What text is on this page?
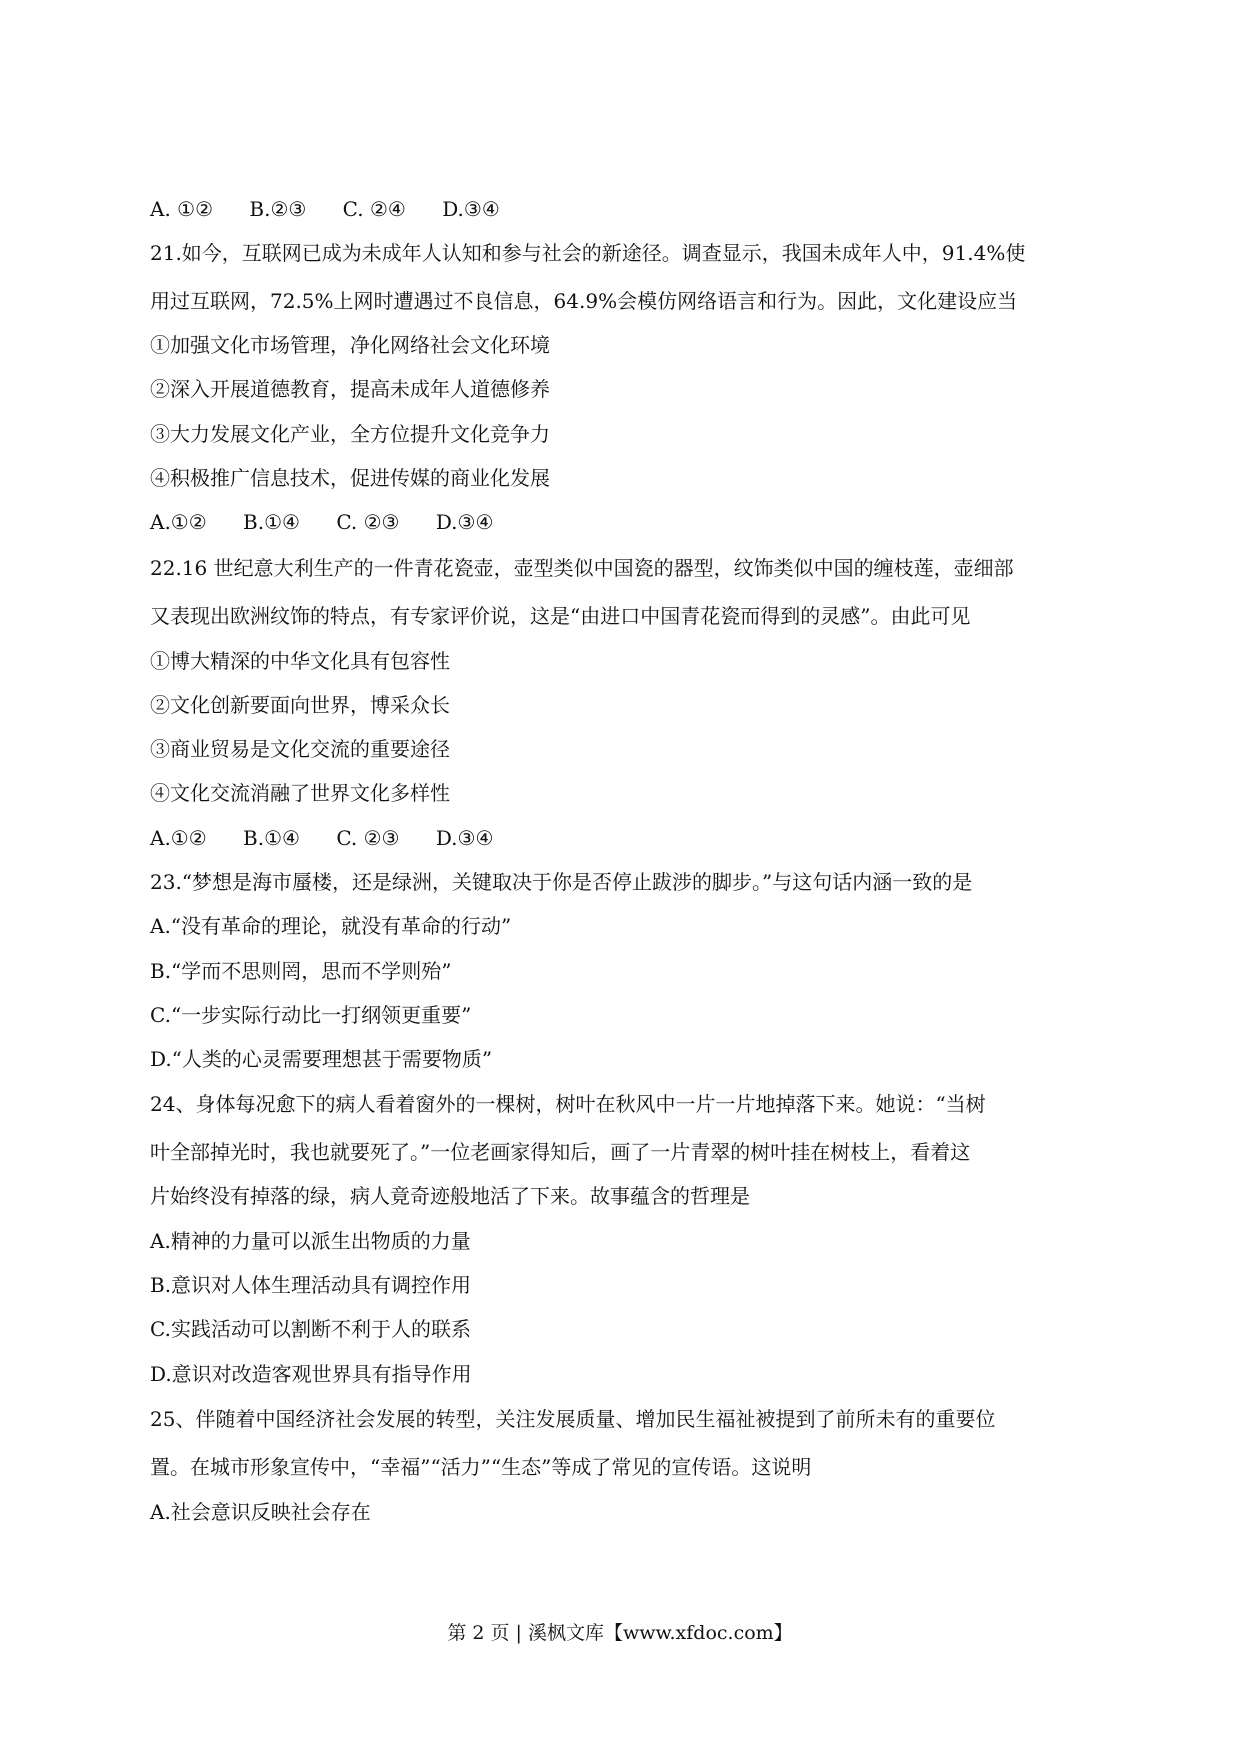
A. ①② B.②③ C. ②④ D.③④
21.如今，互联网已成为未成年人认知和参与社会的新途径。调查显示，我国未成年人中，91.4%使
用过互联网，72.5%上网时遭遇过不良信息，64.9%会模仿网络语言和行为。因此，文化建设应当
①加强文化市场管理，净化网络社会文化环境
②深入开展道德教育，提高未成年人道德修养
③大力发展文化产业，全方位提升文化竞争力
④积极推广信息技术，促进传媒的商业化发展
A.①② B.①④ C. ②③ D.③④
22.16 世纪意大利生产的一件青花瓷壶，壶型类似中国瓷的器型，纹饰类似中国的缠枝莲，壶细部
又表现出欧洲纹饰的特点，有专家评价说，这是“由进口中国青花瓷而得到的灵感”。由此可见
①博大精深的中华文化具有包容性
②文化创新要面向世界，博采众长
③商业贸易是文化交流的重要途径
④文化交流消融了世界文化多样性
A.①② B.①④ C. ②③ D.③④
23.“梦想是海市蜃楼，还是绿洲，关键取决于你是否停止跋涉的脚步。”与这句话内涵一致的是
A.“没有革命的理论，就没有革命的行动”
B.“学而不思则罔，思而不学则殆”
C.“一步实际行动比一打纲领更重要”
D.“人类的心灵需要理想甚于需要物质”
24、身体每况愈下的病人看着窗外的一棵树，树叶在秋风中一片一片地掉落下来。她说：“当树
叶全部掉光时，我也就要死了。”一位老画家得知后，画了一片青翠的树叶挂在树枝上，看着这
片始终没有掉落的绿，病人竟奇迹般地活了下来。故事蕴含的哲理是
A.精神的力量可以派生出物质的力量
B.意识对人体生理活动具有调控作用
C.实践活动可以割断不利于人的联系
D.意识对改造客观世界具有指导作用
25、伴随着中国经济社会发展的转型，关注发展质量、增加民生福祉被提到了前所未有的重要位
置。在城市形象宣传中，“幸福”“活力”“生态”等成了常见的宣传语。这说明
A.社会意识反映社会存在
第 2 页 | 溪枫文库【www.xfdoc.com】
